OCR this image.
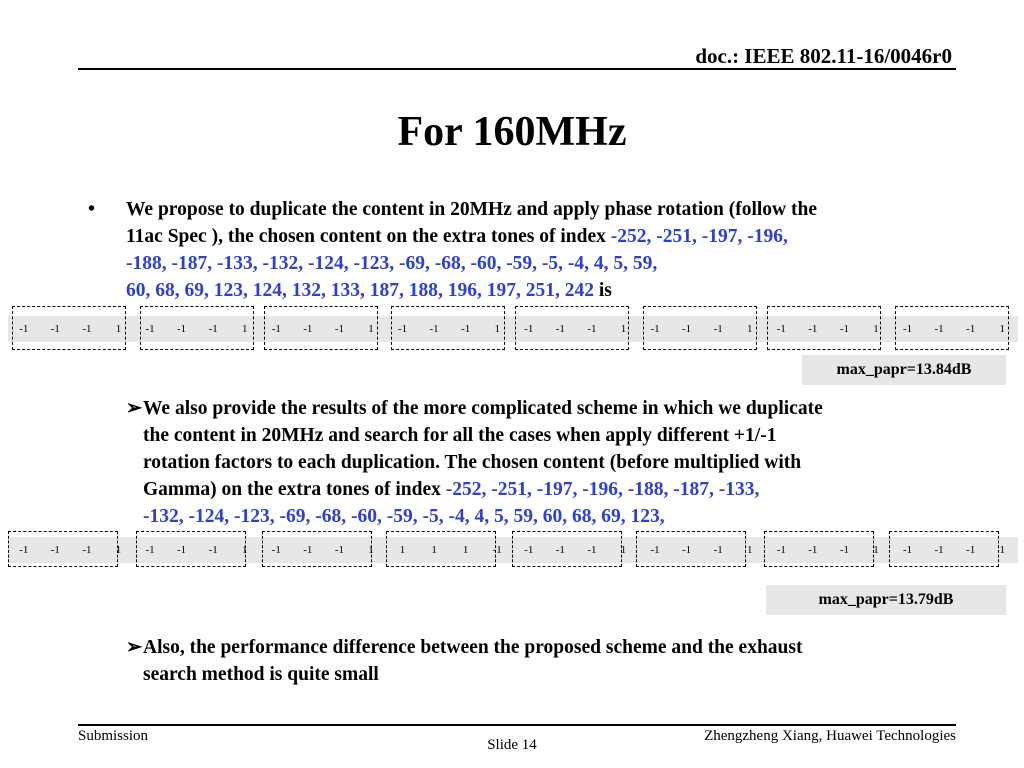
doc.: IEEE 802.11-16/0046r0
For 160MHz
• We propose to duplicate the content in 20MHz and apply phase rotation (follow the
11ac Spec ), the chosen content on the extra tones of index -252, -251, -197, -196,
-188, -187, -133, -132, -124, -123, -69, -68, -60, -59, -5, -4, 4, 5, 59,
60, 68, 69, 123, 124, 132, 133, 187, 188, 196, 197, 251, 242 is
-1	-1	-1	1	-1	-1	-1	1	-1	-1	-1	1	-1	-1	-1	1	-1	-1	-1	1	-1	-1	-1	1	-1	-1	-1	1	-1	-1	-1	1
max_papr=13.84dB
➢We also provide the results of the more complicated scheme in which we duplicate
the content in 20MHz and search for all the cases when apply different +1/-1
rotation factors to each duplication. The chosen content (before multiplied with
Gamma) on the extra tones of index -252, -251, -197, -196, -188, -187, -133,
-132, -124, -123, -69, -68, -60, -59, -5, -4, 4, 5, 59, 60, 68, 69, 123,
-1	-1	-1	1	-1	-1	-1	1	-1	-1	-1	1	1	1	1	-1	-1	-1	-1	1	-1	-1	-1	1	-1	-1	-1	1	-1	-1	-1	1
max_papr=13.79dB
➢Also, the performance difference between the proposed scheme and the exhaust
search method is quite small
Submission
Slide 14
Zhengzheng Xiang, Huawei Technologies
